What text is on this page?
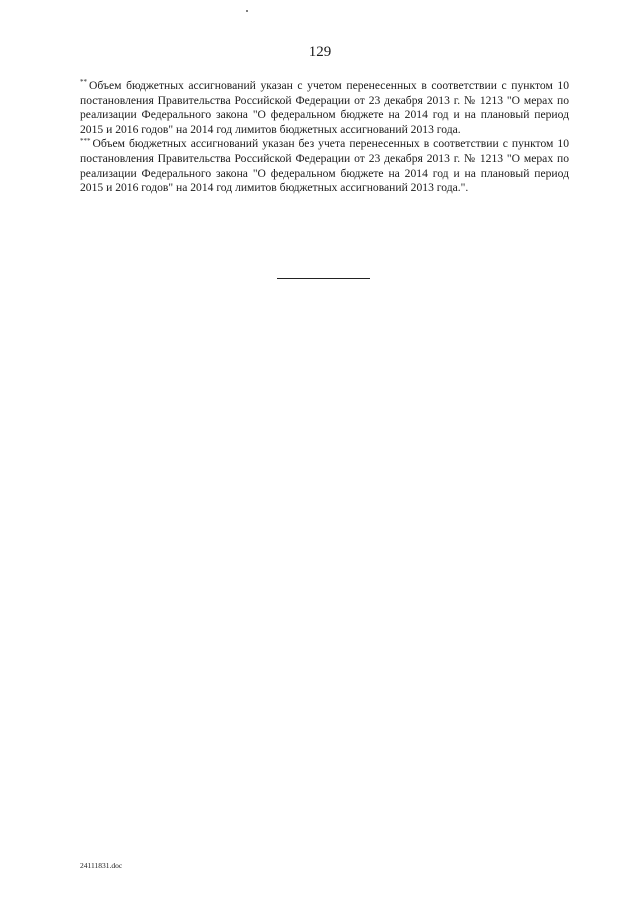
129

** Объем бюджетных ассигнований указан с учетом перенесенных в соответствии с пунктом 10 постановления Правительства Российской Федерации от 23 декабря 2013 г. № 1213 "О мерах по реализации Федерального закона "О федеральном бюджете на 2014 год и на плановый период 2015 и 2016 годов" на 2014 год лимитов бюджетных ассигнований 2013 года.

*** Объем бюджетных ассигнований указан без учета перенесенных в соответствии с пунктом 10 постановления Правительства Российской Федерации от 23 декабря 2013 г. № 1213 "О мерах по реализации Федерального закона "О федеральном бюджете на 2014 год и на плановый период 2015 и 2016 годов" на 2014 год лимитов бюджетных ассигнований 2013 года.".

24111831.doc
